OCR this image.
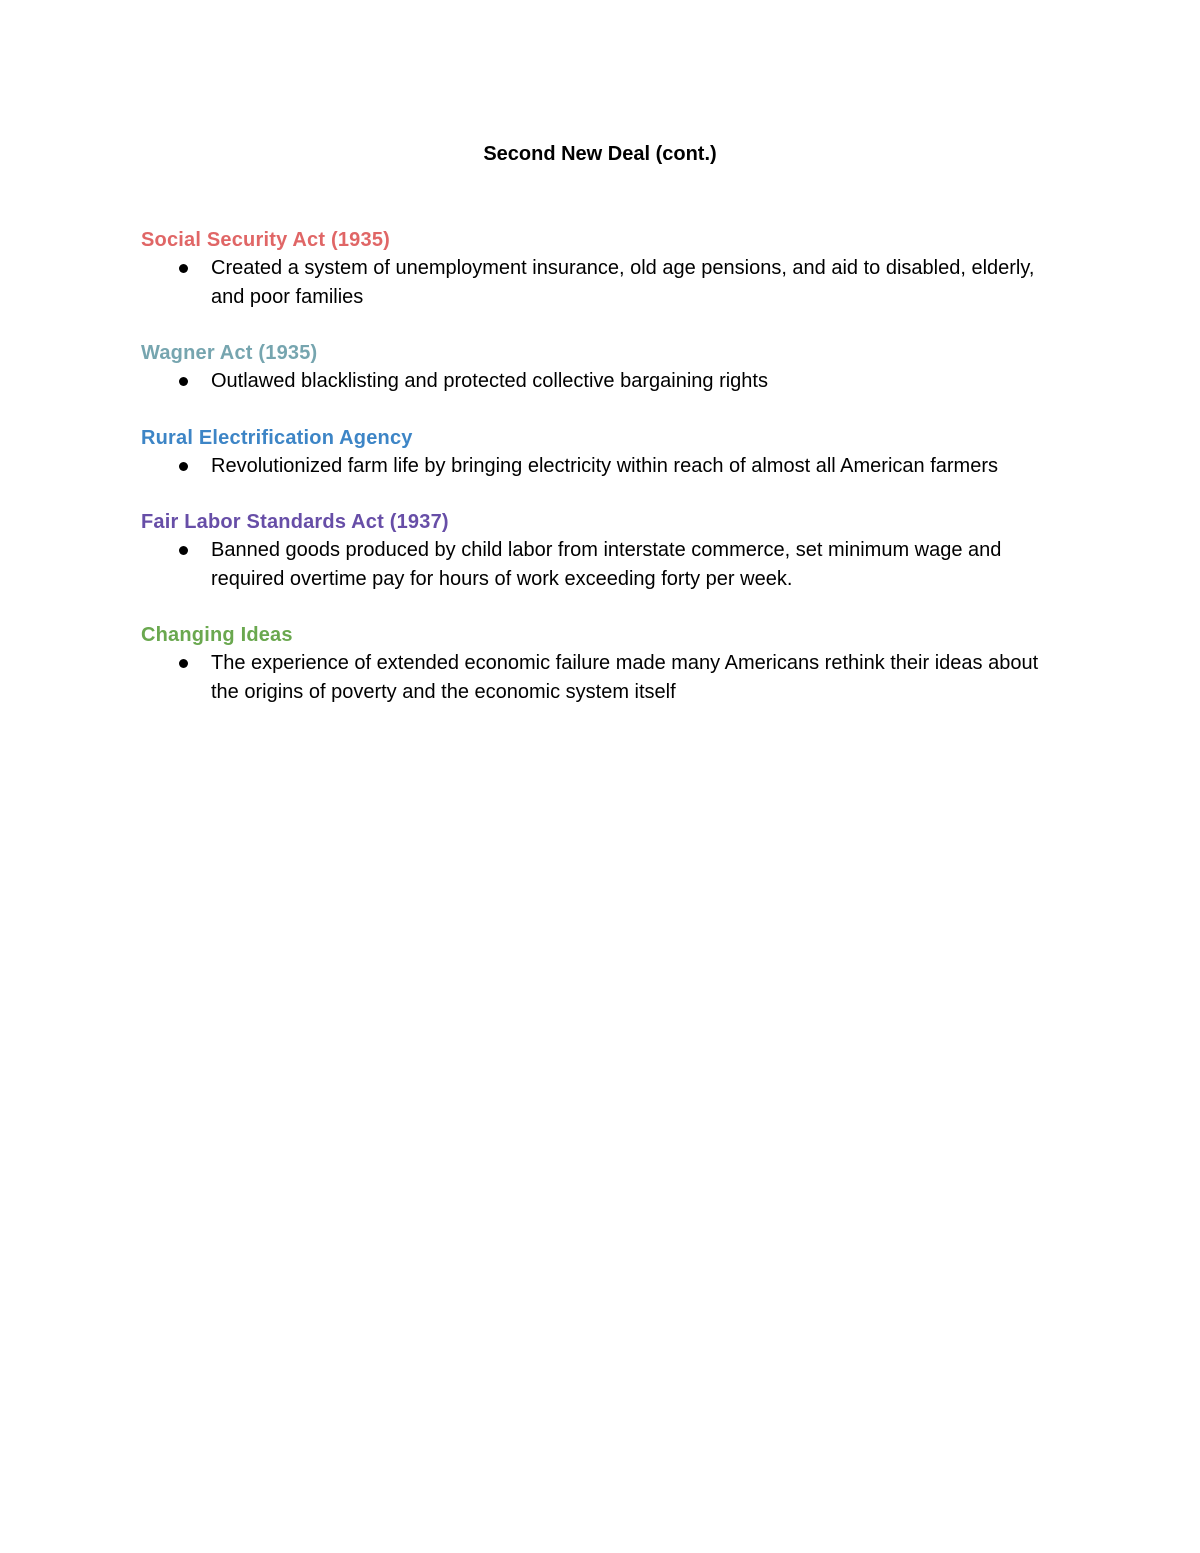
Second New Deal (cont.)
Social Security Act (1935)
Created a system of unemployment insurance, old age pensions, and aid to disabled, elderly, and poor families
Wagner Act (1935)
Outlawed blacklisting and protected collective bargaining rights
Rural Electrification Agency
Revolutionized farm life by bringing electricity within reach of almost all American farmers
Fair Labor Standards Act (1937)
Banned goods produced by child labor from interstate commerce, set minimum wage and required overtime pay for hours of work exceeding forty per week.
Changing Ideas
The experience of extended economic failure made many Americans rethink their ideas about the origins of poverty and the economic system itself
